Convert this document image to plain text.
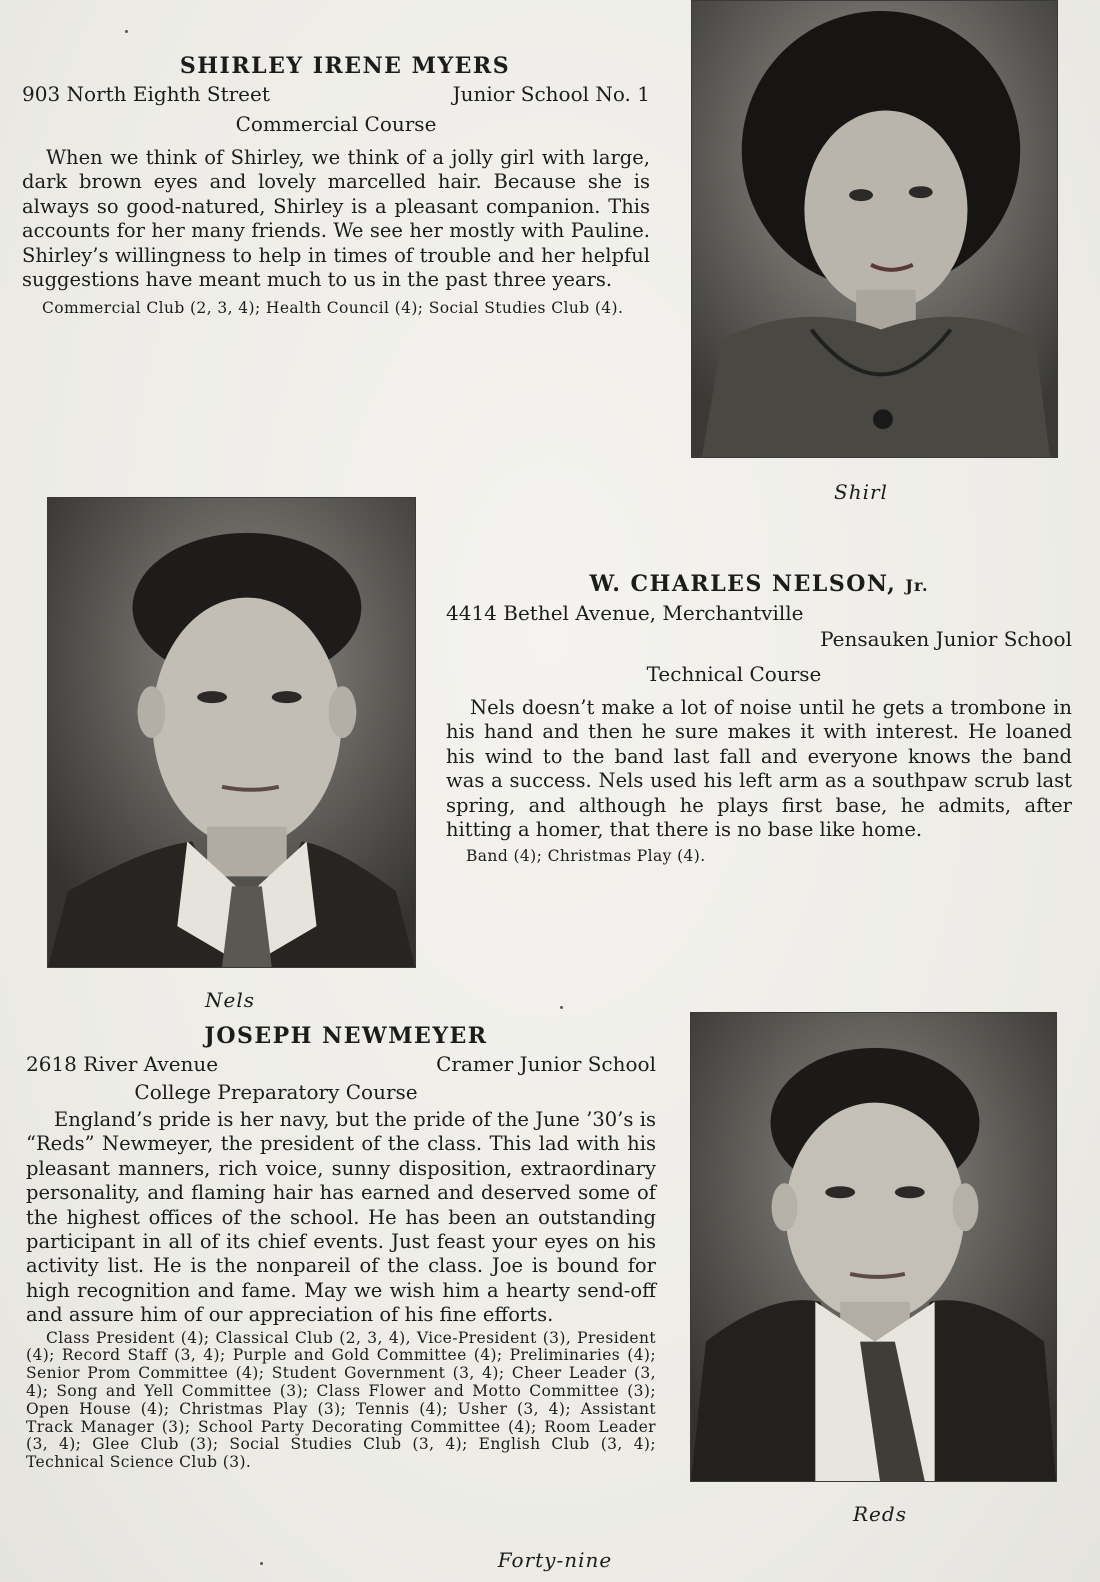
SHIRLEY IRENE MYERS
903 North Eighth Street	Junior School No. 1
Commercial Course

When we think of Shirley, we think of a jolly girl with large, dark brown eyes and lovely marcelled hair. Because she is always so good-natured, Shirley is a pleasant companion. This accounts for her many friends. We see her mostly with Pauline. Shirley’s willingness to help in times of trouble and her helpful suggestions have meant much to us in the past three years.

Commercial Club (2, 3, 4); Health Council (4); Social Studies Club (4).

Shirl
Nels
W. CHARLES NELSON, Jr.
4414 Bethel Avenue, Merchantville
Pensauken Junior School
Technical Course

Nels doesn’t make a lot of noise until he gets a trombone in his hand and then he sure makes it with interest. He loaned his wind to the band last fall and everyone knows the band was a success. Nels used his left arm as a southpaw scrub last spring, and although he plays first base, he admits, after hitting a homer, that there is no base like home.

Band (4); Christmas Play (4).

JOSEPH NEWMEYER
2618 River Avenue	Cramer Junior School
College Preparatory Course

England’s pride is her navy, but the pride of the June ’30’s is “Reds” Newmeyer, the president of the class. This lad with his pleasant manners, rich voice, sunny disposition, extraordinary personality, and flaming hair has earned and deserved some of the highest offices of the school. He has been an outstanding participant in all of its chief events. Just feast your eyes on his activity list. He is the nonpareil of the class. Joe is bound for high recognition and fame. May we wish him a hearty send-off and assure him of our appreciation of his fine efforts.

Class President (4); Classical Club (2, 3, 4), Vice-President (3), President (4); Record Staff (3, 4); Purple and Gold Committee (4); Preliminaries (4); Senior Prom Committee (4); Student Government (3, 4); Cheer Leader (3, 4); Song and Yell Committee (3); Class Flower and Motto Committee (3); Open House (4); Christmas Play (3); Tennis (4); Usher (3, 4); Assistant Track Manager (3); School Party Decorating Committee (4); Room Leader (3, 4); Glee Club (3); Social Studies Club (3, 4); English Club (3, 4); Technical Science Club (3).

Reds
Forty-nine
